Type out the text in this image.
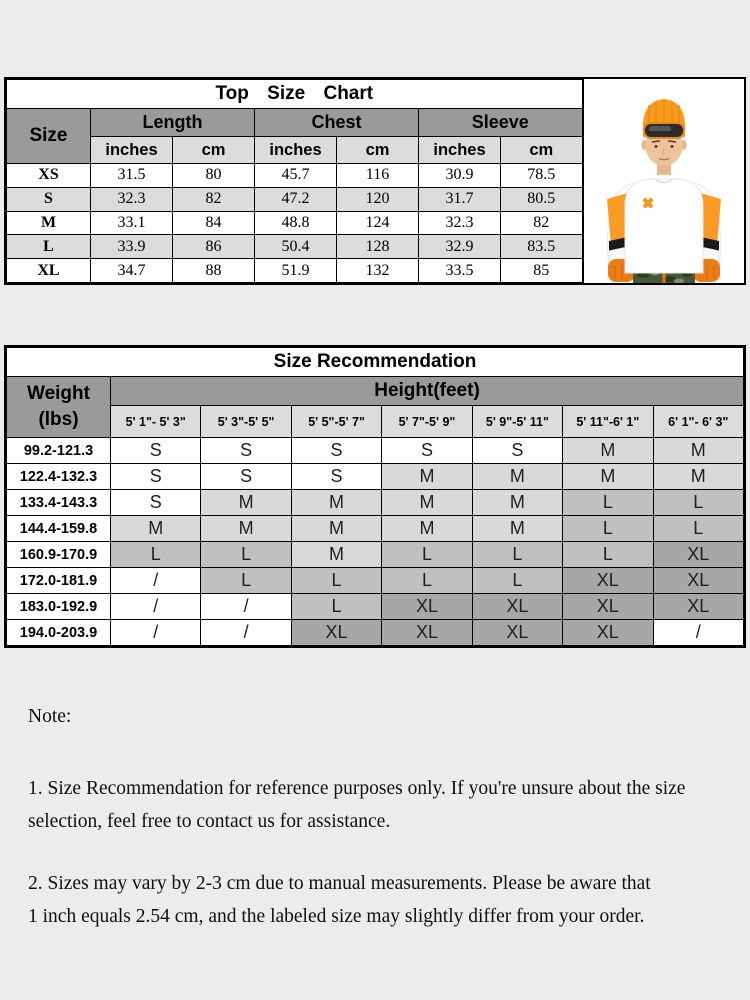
Top Size Chart						
Size	Length		Chest		Sleeve	
	inches	cm	inches	cm	inches	cm
XS	31.5	80	45.7	116	30.9	78.5
S	32.3	82	47.2	120	31.7	80.5
M	33.1	84	48.8	124	32.3	82
L	33.9	86	50.4	128	32.9	83.5
XL	34.7	88	51.9	132	33.5	85
Size Recommendation							

Weight
(lbs)	Height(feet)						
	5' 1"- 5' 3"	5' 3"-5' 5"	5' 5"-5' 7"	5' 7"-5' 9"	5' 9"-5' 11"	5' 11"-6' 1"	6' 1"- 6' 3"
99.2-121.3	S	S	S	S	S	M	M
122.4-132.3	S	S	S	M	M	M	M
133.4-143.3	S	M	M	M	M	L	L
144.4-159.8	M	M	M	M	M	L	L
160.9-170.9	L	L	M	L	L	L	XL
172.0-181.9	/	L	L	L	L	XL	XL
183.0-192.9	/	/	L	XL	XL	XL	XL
194.0-203.9	/	/	XL	XL	XL	XL	/

Note:

1. Size Recommendation for reference purposes only. If you're unsure about the size
selection, feel free to contact us for assistance.
2. Sizes may vary by 2-3 cm due to manual measurements. Please be aware that
1 inch equals 2.54 cm, and the labeled size may slightly differ from your order.
